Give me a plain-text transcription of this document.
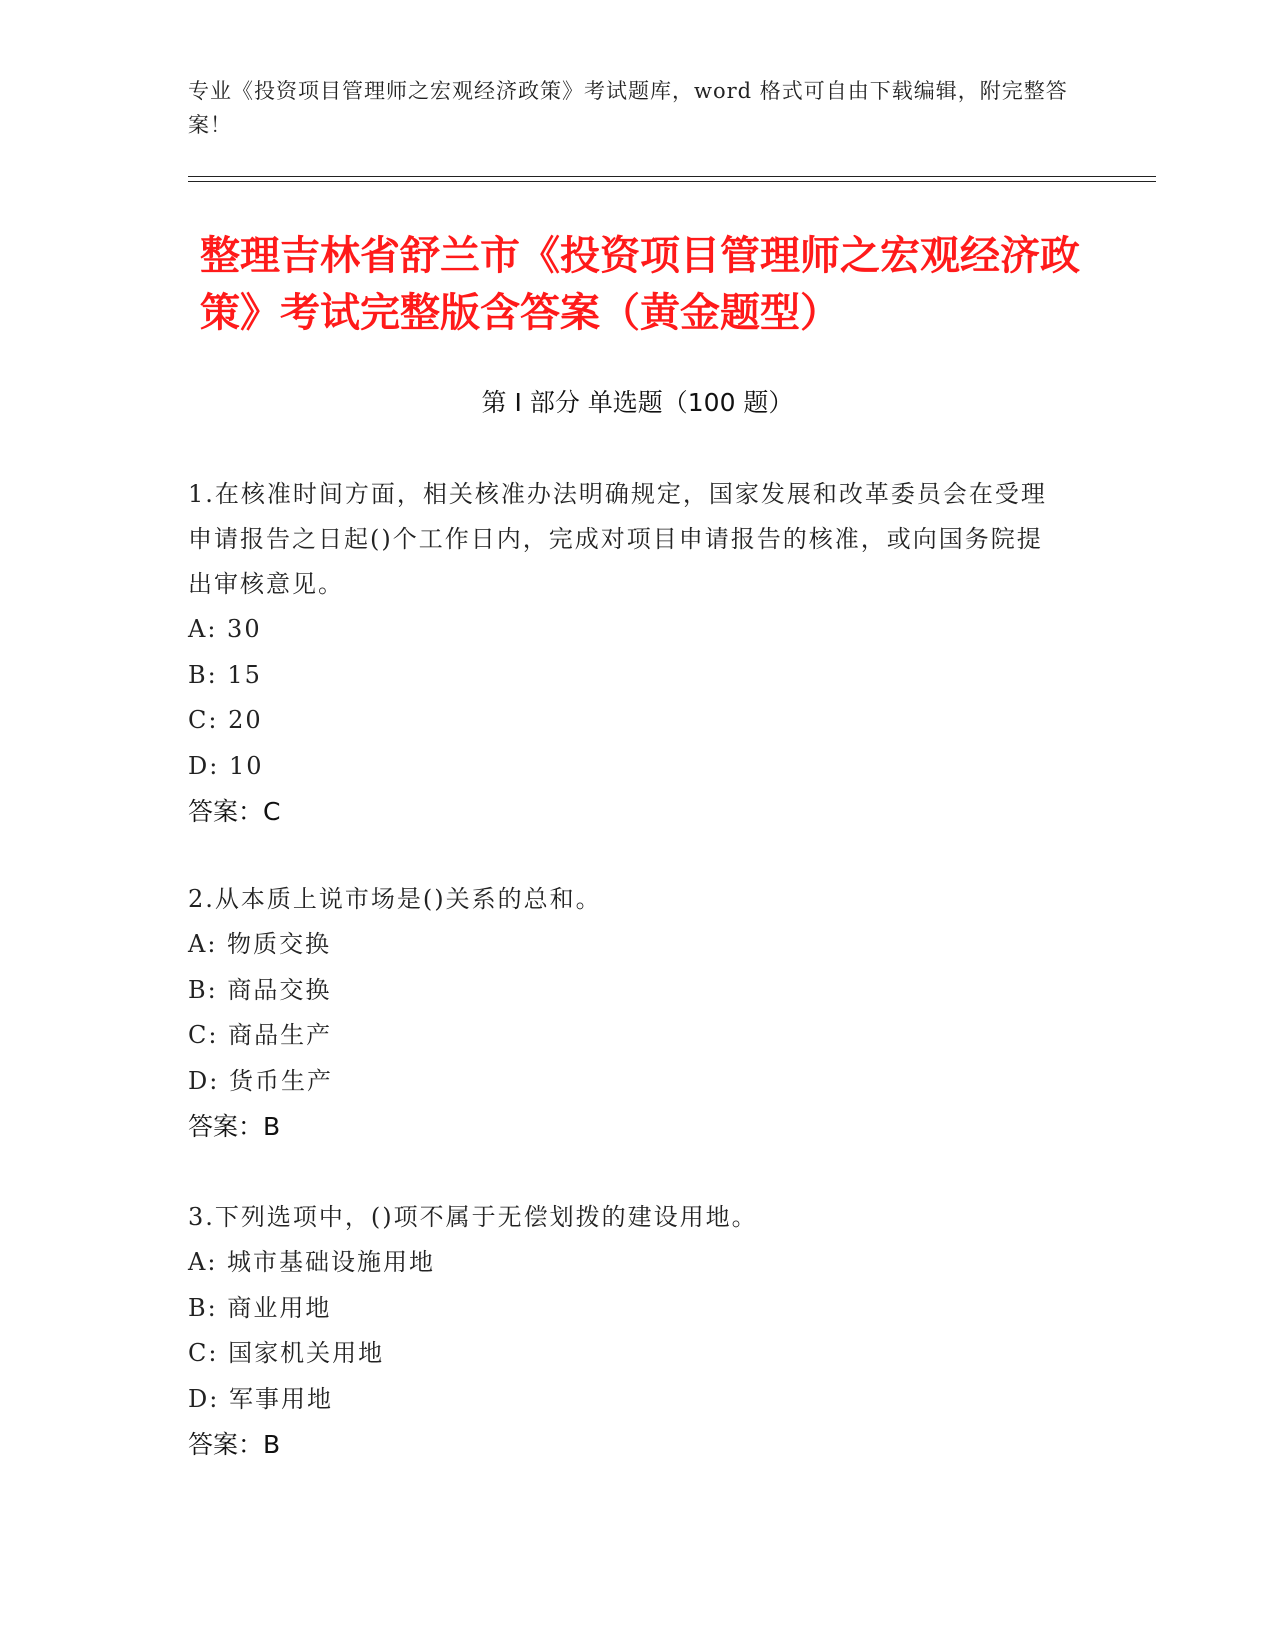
专业《投资项目管理师之宏观经济政策》考试题库，word 格式可自由下载编辑，附完整答案！
整理吉林省舒兰市《投资项目管理师之宏观经济政策》考试完整版含答案（黄金题型）
第 I 部分 单选题（100 题）
1.在核准时间方面，相关核准办法明确规定，国家发展和改革委员会在受理申请报告之日起()个工作日内，完成对项目申请报告的核准，或向国务院提出审核意见。
A: 30
B: 15
C: 20
D: 10
答案：C
2.从本质上说市场是()关系的总和。
A: 物质交换
B: 商品交换
C: 商品生产
D: 货币生产
答案：B
3.下列选项中，()项不属于无偿划拨的建设用地。
A: 城市基础设施用地
B: 商业用地
C: 国家机关用地
D: 军事用地
答案：B
